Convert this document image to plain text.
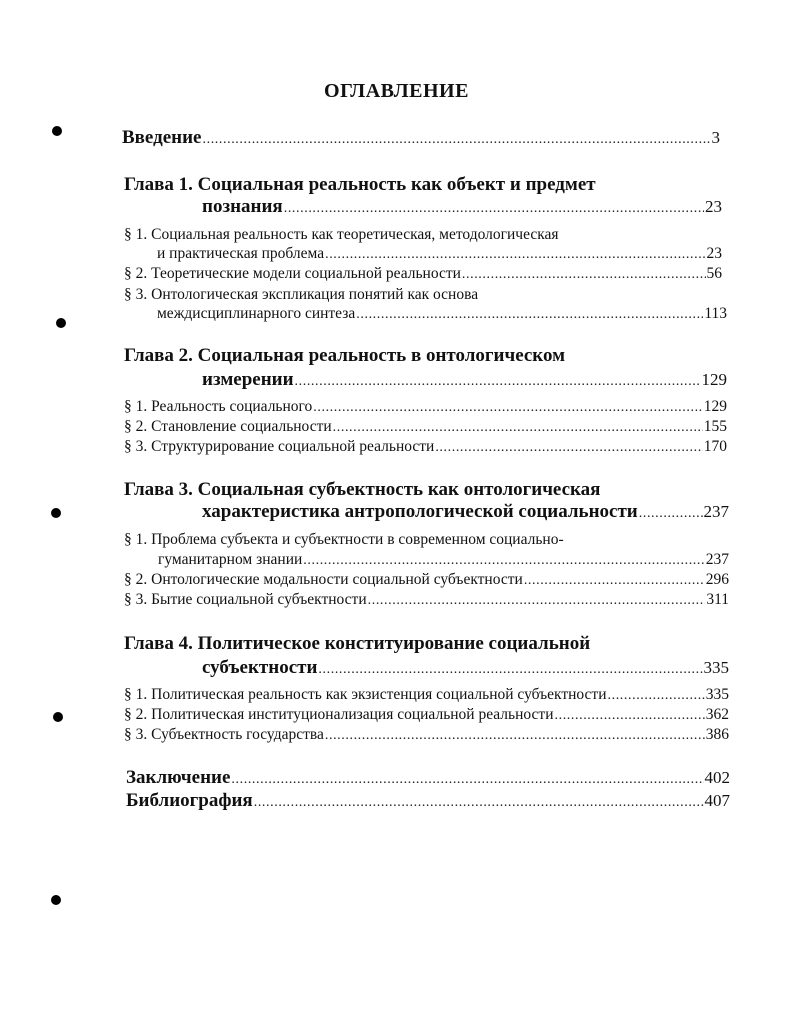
ОГЛАВЛЕНИЕ
Введение .....	3
Глава 1. Социальная реальность как объект и предмет
познания .....	23
§ 1. Социальная реальность как теоретическая, методологическая
и практическая проблема .....	23
§ 2. Теоретические модели социальной реальности .....	56
§ 3. Онтологическая экспликация понятий как основа
междисциплинарного синтеза .....	113
Глава 2. Социальная реальность в онтологическом
измерении .....	129
§ 1. Реальность социального .....	129
§ 2. Становление социальности .....	155
§ 3. Структурирование социальной реальности .....	170
Глава 3. Социальная субъектность как онтологическая
характеристика антропологической социальности .....	237
§ 1. Проблема субъекта и субъектности в современном социально-
гуманитарном знании .....	237
§ 2. Онтологические модальности социальной субъектности .....	296
§ 3. Бытие социальной субъектности .....	311
Глава 4. Политическое конституирование социальной
субъектности .....	335
§ 1. Политическая реальность как экзистенция социальной субъектности .....	335
§ 2. Политическая институционализация социальной реальности .....	362
§ 3. Субъектность государства .....	386
Заключение .....	402
Библиография .....	407
